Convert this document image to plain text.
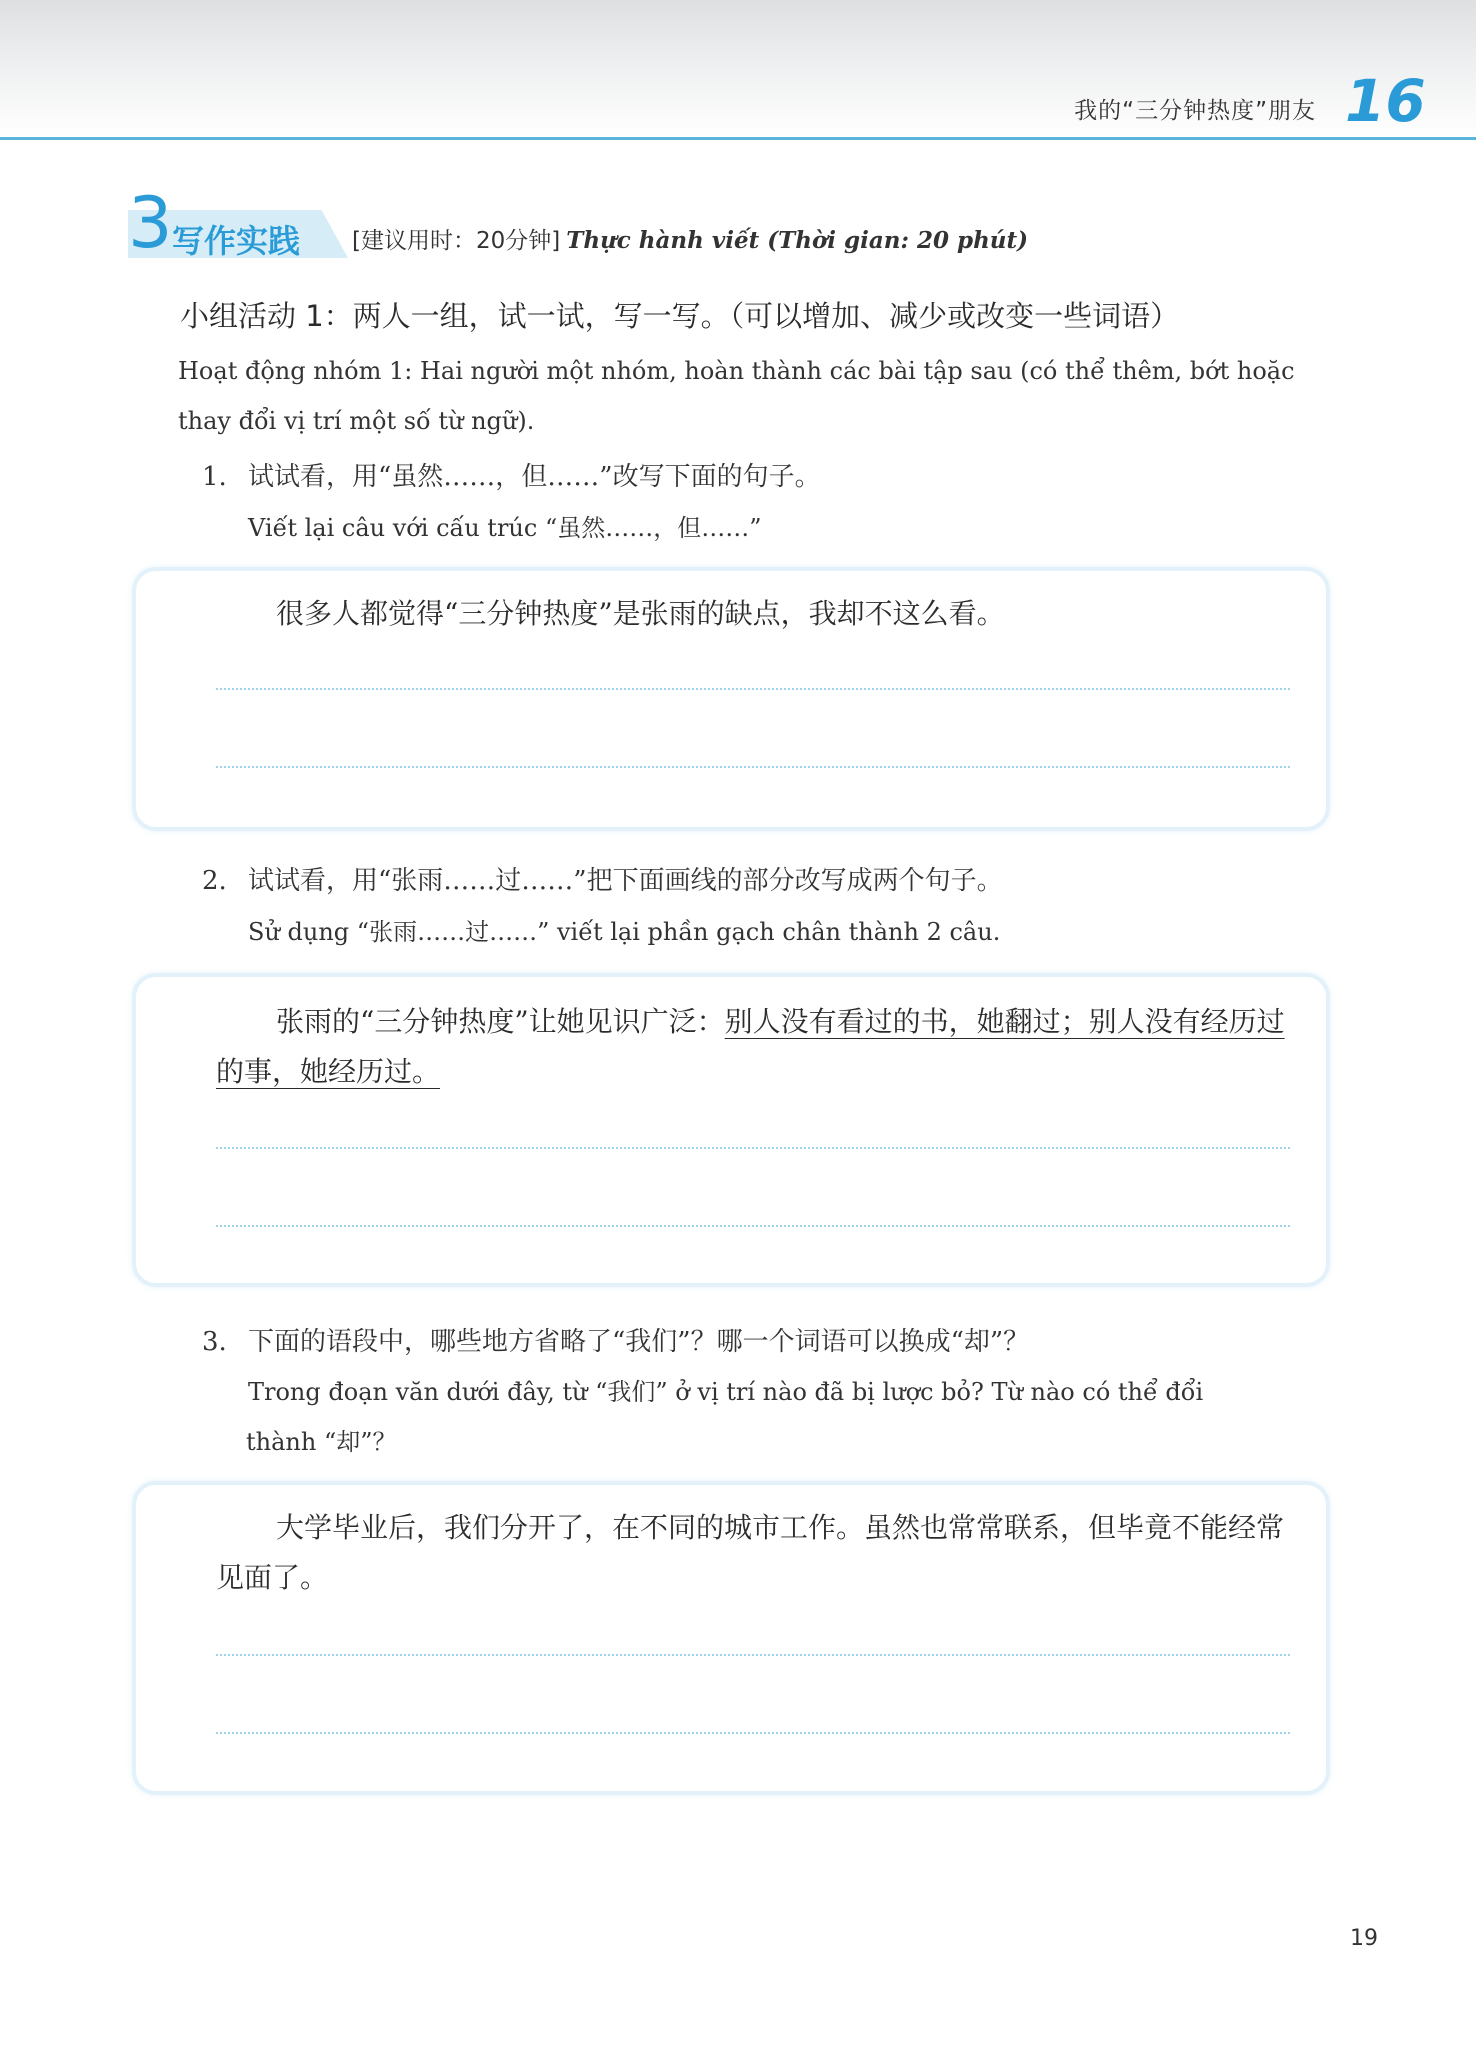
我的“三分钟热度”朋友 16
3 写作实践 [建议用时：20分钟] Thực hành viết (Thời gian: 20 phút)
小组活动 1：两人一组，试一试，写一写。（可以增加、减少或改变一些词语）
Hoạt động nhóm 1: Hai người một nhóm, hoàn thành các bài tập sau (có thể thêm, bớt hoặc thay đổi vị trí một số từ ngữ).
1. 试试看，用“虽然……，但……”改写下面的句子。
Viết lại câu với cấu trúc “虽然……，但……”
很多人都觉得“三分钟热度”是张雨的缺点，我却不这么看。
2. 试试看，用“张雨……过……”把下面画线的部分改写成两个句子。
Sử dụng “张雨……过……” viết lại phần gạch chân thành 2 câu.
张雨的“三分钟热度”让她见识广泛：别人没有看过的书，她翻过；别人没有经历过的事，她经历过。
3. 下面的语段中，哪些地方省略了“我们”？哪一个词语可以换成“却”？
Trong đoạn văn dưới đây, từ “我们” ở vị trí nào đã bị lược bỏ? Từ nào có thể đổi
thành “却”？
大学毕业后，我们分开了，在不同的城市工作。虽然也常常联系，但毕竟不能经常见面了。
19
